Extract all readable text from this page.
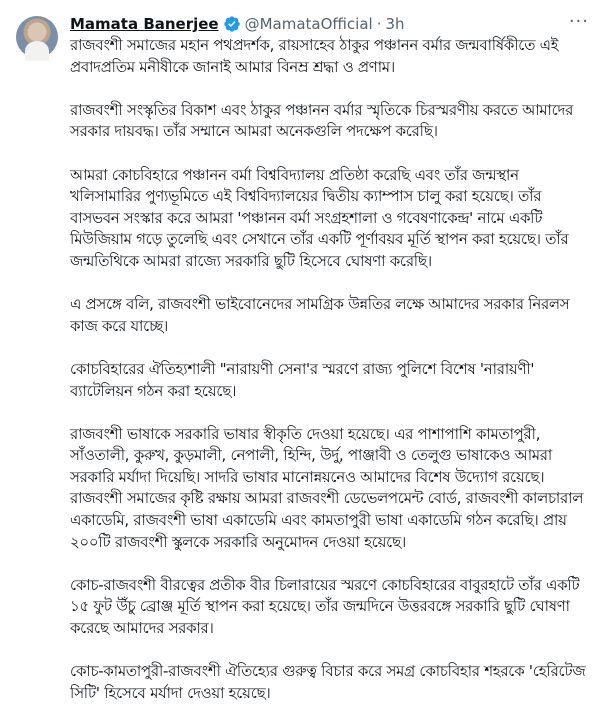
Mamata Banerjee @MamataOfficial · 3h

রাজবংশী সমাজের মহান পথপ্রদর্শক, রায়সাহেব ঠাকুর পঞ্চানন বর্মার জন্মবার্ষিকীতে এই প্রবাদপ্রতিম মনীষীকে জানাই আমার বিনম্র শ্রদ্ধা ও প্রণাম।

রাজবংশী সংস্কৃতির বিকাশ এবং ঠাকুর পঞ্চানন বর্মার স্মৃতিকে চিরস্মরণীয় করতে আমাদের সরকার দায়বদ্ধ। তাঁর সম্মানে আমরা অনেকগুলি পদক্ষেপ করেছি।

আমরা কোচবিহারে পঞ্চানন বর্মা বিশ্ববিদ্যালয় প্রতিষ্ঠা করেছি এবং তাঁর জন্মস্থান খলিসামারির পুণ্যভূমিতে এই বিশ্ববিদ্যালয়ের দ্বিতীয় ক্যাম্পাস চালু করা হয়েছে। তাঁর বাসভবন সংস্কার করে আমরা 'পঞ্চানন বর্মা সংগ্রহশালা ও গবেষণাকেন্দ্র' নামে একটি মিউজিয়াম গড়ে তুলেছি এবং সেখানে তাঁর একটি পূর্ণাবয়ব মূর্তি স্থাপন করা হয়েছে। তাঁর জন্মতিথিকে আমরা রাজ্যে সরকারি ছুটি হিসেবে ঘোষণা করেছি।

এ প্রসঙ্গে বলি, রাজবংশী ভাইবোনেদের সামগ্রিক উন্নতির লক্ষে আমাদের সরকার নিরলস কাজ করে যাচ্ছে।

কোচবিহারের ঐতিহ্যশালী "নারায়ণী সেনা'র স্মরণে রাজ্য পুলিশে বিশেষ 'নারায়ণী' ব্যাটেলিয়ন গঠন করা হয়েছে।

রাজবংশী ভাষাকে সরকারি ভাষার স্বীকৃতি দেওয়া হয়েছে। এর পাশাপাশি কামতাপুরী, সাঁওতালী, কুরুখ, কুড়মালী, নেপালী, হিন্দি, উর্দু, পাঞ্জাবী ও তেলুগু ভাষাকেও আমরা সরকারি মর্যাদা দিয়েছি। সাদরি ভাষার মানোন্নয়নেও আমাদের বিশেষ উদ্যোগ রয়েছে। রাজবংশী সমাজের কৃষ্টি রক্ষায় আমরা রাজবংশী ডেভেলপমেন্ট বোর্ড, রাজবংশী কালচারাল একাডেমি, রাজবংশী ভাষা একাডেমি এবং কামতাপুরী ভাষা একাডেমি গঠন করেছি। প্রায় ২০০টি রাজবংশী স্কুলকে সরকারি অনুমোদন দেওয়া হয়েছে।

কোচ-রাজবংশী বীরত্বের প্রতীক বীর চিলারায়ের স্মরণে কোচবিহারের বাবুরহাটে তাঁর একটি ১৫ ফুট উঁচু ব্রোঞ্জ মূর্তি স্থাপন করা হয়েছে। তাঁর জন্মদিনে উত্তরবঙ্গে সরকারি ছুটি ঘোষণা করেছে আমাদের সরকার।

কোচ-কামতাপুরী-রাজবংশী ঐতিহ্যের গুরুত্ব বিচার করে সমগ্র কোচবিহার শহরকে 'হেরিটেজ সিটি' হিসেবে মর্যাদা দেওয়া হয়েছে।

···
